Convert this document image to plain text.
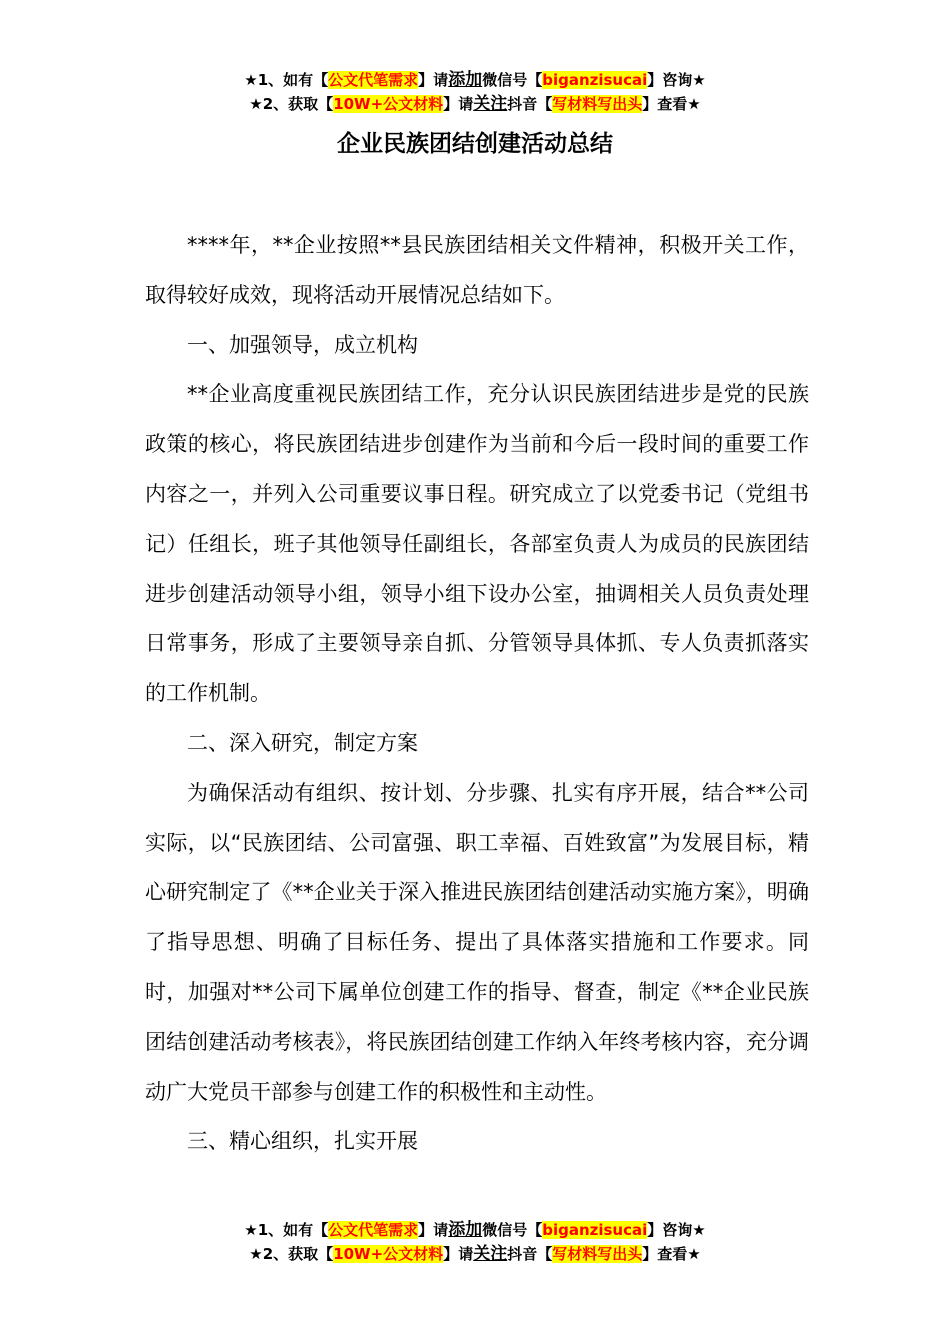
★1、如有【公文代笔需求】请添加微信号【biganzisucai】咨询★
★2、获取【10W+公文材料】请关注抖音【写材料写出头】查看★
企业民族团结创建活动总结

****年，**企业按照**县民族团结相关文件精神，积极开关工作，取得较好成效，现将活动开展情况总结如下。

一、加强领导，成立机构

**企业高度重视民族团结工作，充分认识民族团结进步是党的民族政策的核心，将民族团结进步创建作为当前和今后一段时间的重要工作内容之一，并列入公司重要议事日程。研究成立了以党委书记（党组书记）任组长，班子其他领导任副组长，各部室负责人为成员的民族团结进步创建活动领导小组，领导小组下设办公室，抽调相关人员负责处理日常事务，形成了主要领导亲自抓、分管领导具体抓、专人负责抓落实的工作机制。

二、深入研究，制定方案

为确保活动有组织、按计划、分步骤、扎实有序开展，结合**公司实际，以“民族团结、公司富强、职工幸福、百姓致富”为发展目标，精心研究制定了《**企业关于深入推进民族团结创建活动实施方案》，明确了指导思想、明确了目标任务、提出了具体落实措施和工作要求。同时，加强对**公司下属单位创建工作的指导、督查，制定《**企业民族团结创建活动考核表》，将民族团结创建工作纳入年终考核内容，充分调动广大党员干部参与创建工作的积极性和主动性。

三、精心组织，扎实开展

★1、如有【公文代笔需求】请添加微信号【biganzisucai】咨询★
★2、获取【10W+公文材料】请关注抖音【写材料写出头】查看★
